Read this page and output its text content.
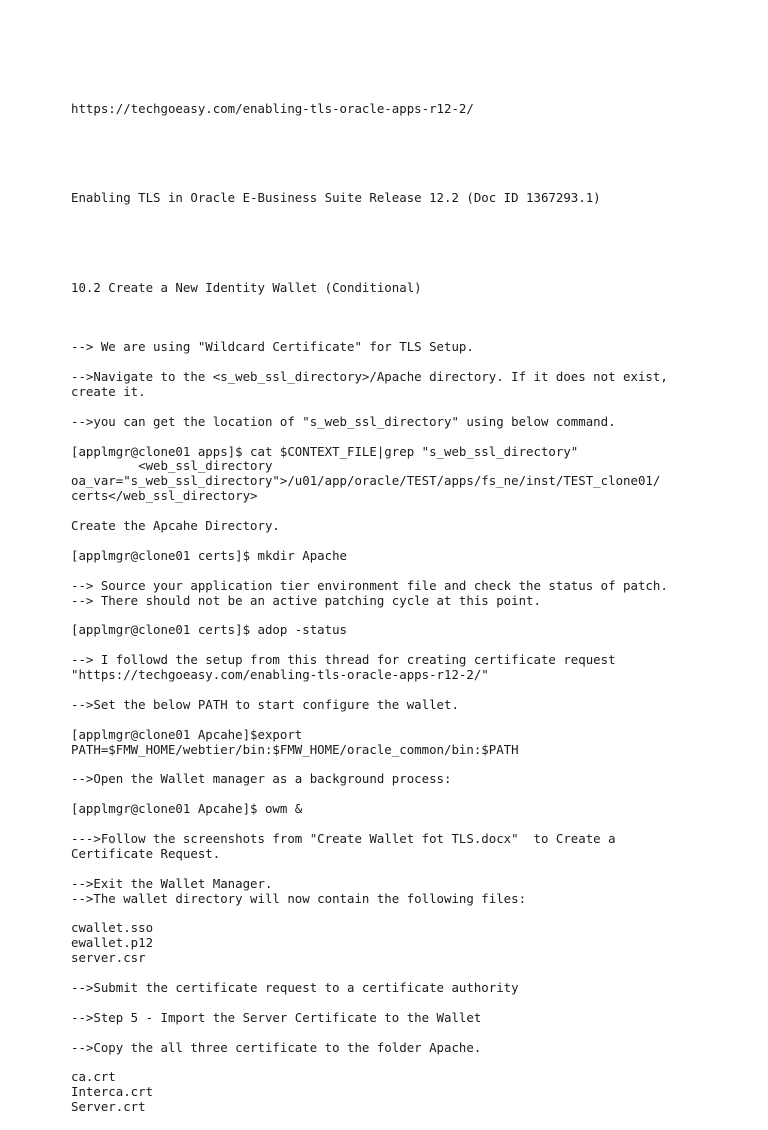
https://techgoeasy.com/enabling-tls-oracle-apps-r12-2/

Enabling TLS in Oracle E-Business Suite Release 12.2 (Doc ID 1367293.1)

10.2 Create a New Identity Wallet (Conditional)

--> We are using "Wildcard Certificate" for TLS Setup.
-->Navigate to the <s_web_ssl_directory>/Apache directory. If it does not exist,
create it.
-->you can get the location of "s_web_ssl_directory" using below command.
[applmgr@clone01 apps]$ cat $CONTEXT_FILE|grep "s_web_ssl_directory"
<web_ssl_directory
oa_var="s_web_ssl_directory">/u01/app/oracle/TEST/apps/fs_ne/inst/TEST_clone01/
certs</web_ssl_directory>
Create the Apcahe Directory.
[applmgr@clone01 certs]$ mkdir Apache
--> Source your application tier environment file and check the status of patch.
--> There should not be an active patching cycle at this point.
[applmgr@clone01 certs]$ adop -status
--> I followd the setup from this thread for creating certificate request
"https://techgoeasy.com/enabling-tls-oracle-apps-r12-2/"
-->Set the below PATH to start configure the wallet.
[applmgr@clone01 Apcahe]$export
PATH=$FMW_HOME/webtier/bin:$FMW_HOME/oracle_common/bin:$PATH
-->Open the Wallet manager as a background process:
[applmgr@clone01 Apcahe]$ owm &
--->Follow the screenshots from "Create Wallet fot TLS.docx"  to Create a
Certificate Request.
-->Exit the Wallet Manager.
-->The wallet directory will now contain the following files:
cwallet.sso
ewallet.p12
server.csr
-->Submit the certificate request to a certificate authority
-->Step 5 - Import the Server Certificate to the Wallet
-->Copy the all three certificate to the folder Apache.
ca.crt
Interca.crt
Server.crt
